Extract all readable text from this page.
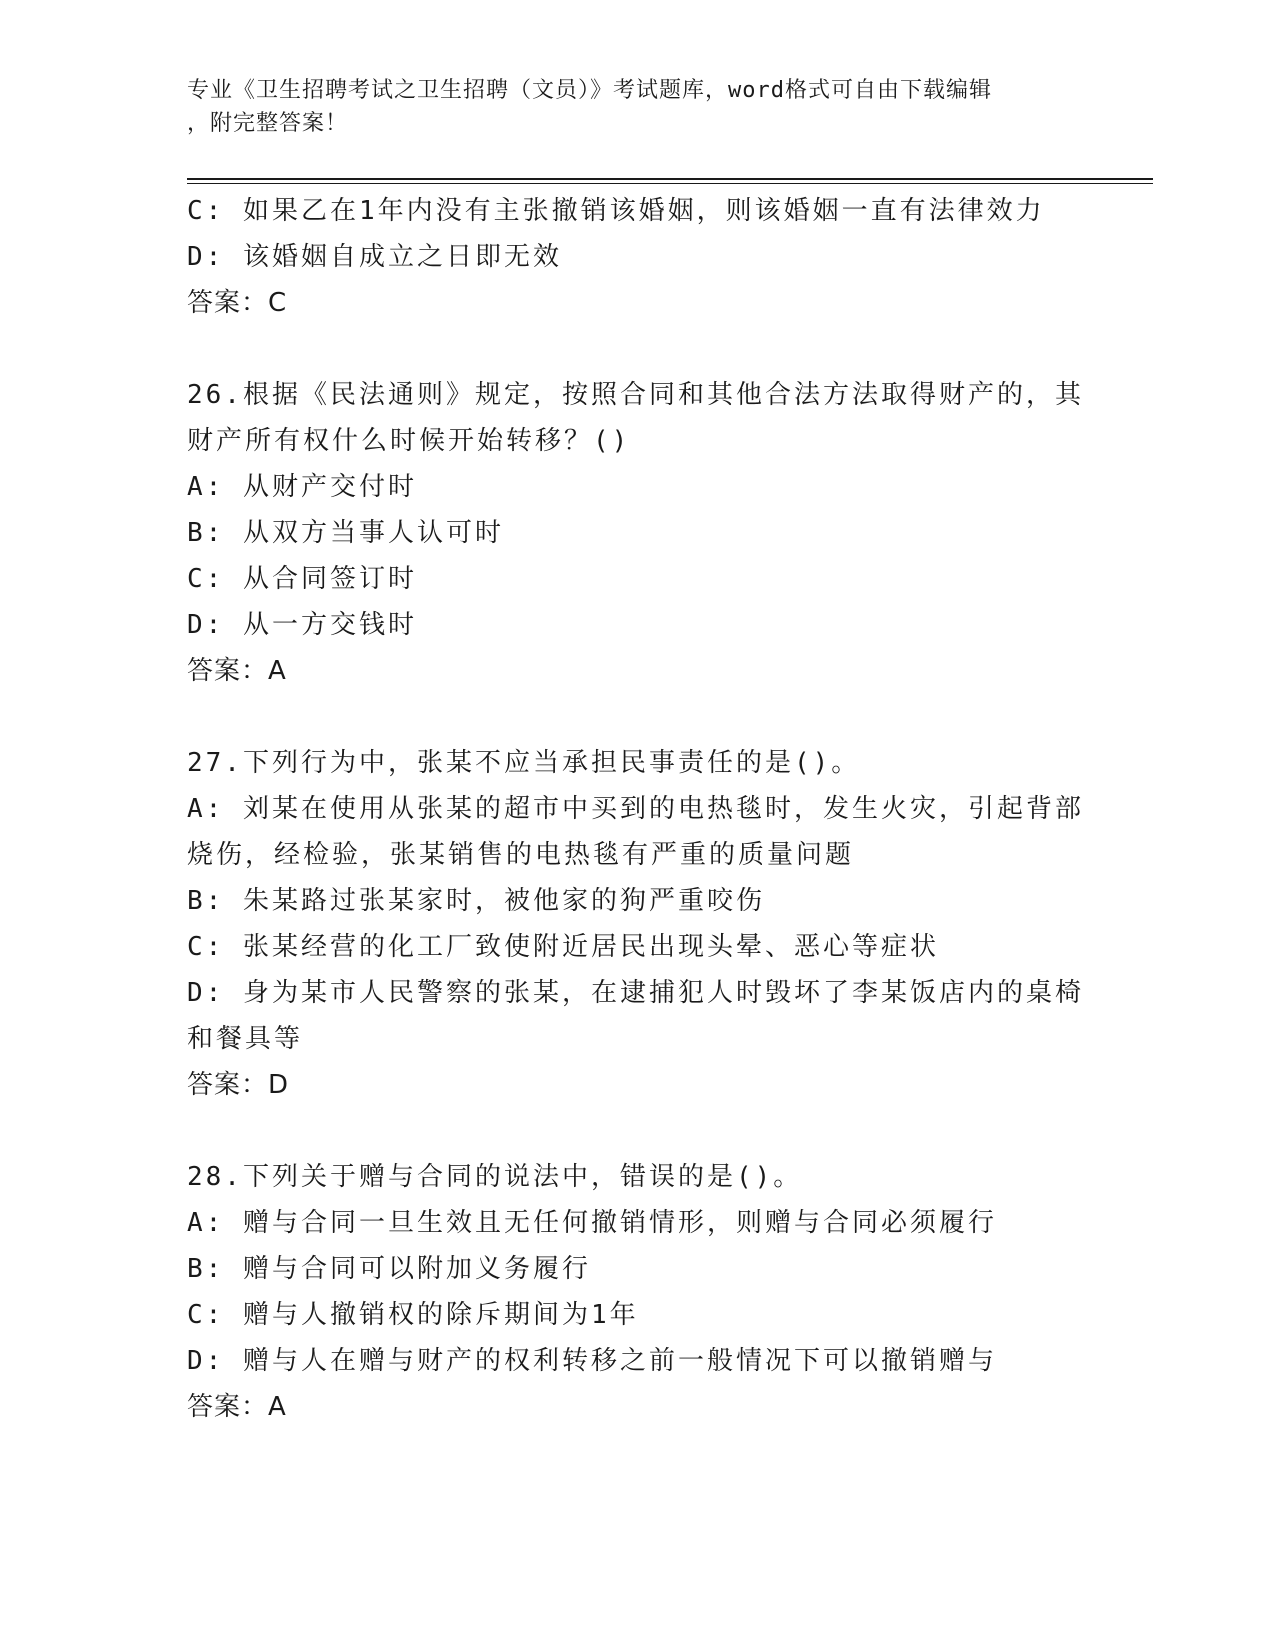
专业《卫生招聘考试之卫生招聘（文员）》考试题库，word格式可自由下载编辑
，附完整答案！
C: 如果乙在1年内没有主张撤销该婚姻，则该婚姻一直有法律效力
D: 该婚姻自成立之日即无效
答案：C
26.根据《民法通则》规定，按照合同和其他合法方法取得财产的，其
财产所有权什么时候开始转移？()
A: 从财产交付时
B: 从双方当事人认可时
C: 从合同签订时
D: 从一方交钱时
答案：A
27.下列行为中，张某不应当承担民事责任的是()。
A: 刘某在使用从张某的超市中买到的电热毯时，发生火灾，引起背部
烧伤，经检验，张某销售的电热毯有严重的质量问题
B: 朱某路过张某家时，被他家的狗严重咬伤
C: 张某经营的化工厂致使附近居民出现头晕、恶心等症状
D: 身为某市人民警察的张某，在逮捕犯人时毁坏了李某饭店内的桌椅
和餐具等
答案：D
28.下列关于赠与合同的说法中，错误的是()。
A: 赠与合同一旦生效且无任何撤销情形，则赠与合同必须履行
B: 赠与合同可以附加义务履行
C: 赠与人撤销权的除斥期间为1年
D: 赠与人在赠与财产的权利转移之前一般情况下可以撤销赠与
答案：A
